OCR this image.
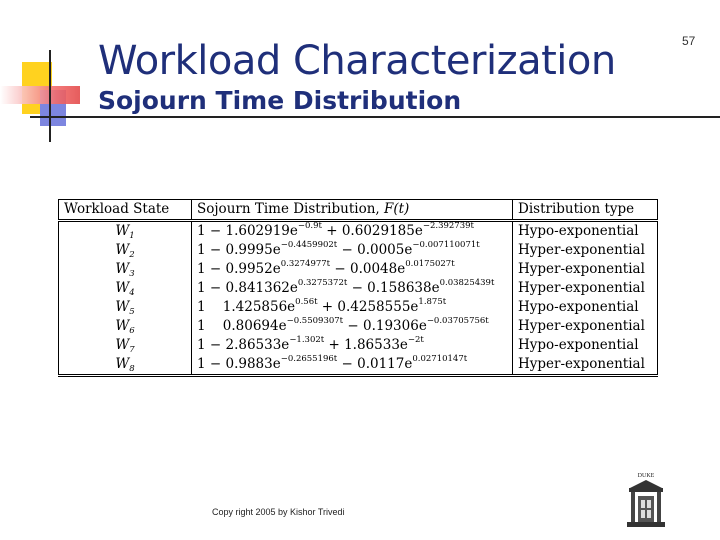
Workload Characterization
Sojourn Time Distribution
57
Workload State	Sojourn Time Distribution, F(t)	Distribution type
$W_1$	$1 - 1.602919e^{-0.9t} + 0.6029185e^{-2.392739t}$	Hypo-exponential
$W_2$	$1 - 0.9995e^{-0.4459902t} - 0.0005e^{-0.007110071t}$	Hyper-exponential
$W_3$	$1 - 0.9952e^{0.3274977t} - 0.0048e^{0.0175027t}$	Hyper-exponential
$W_4$	$1 - 0.841362e^{0.3275372t} - 0.158638e^{0.03825439t}$	Hyper-exponential
$W_5$	1    $1.425856e^{0.56t} + 0.4258555e^{1.875t}$	Hypo-exponential
$W_6$	1    $0.80694e^{-0.5509307t} - 0.19306e^{-0.03705756t}$	Hyper-exponential
$W_7$	$1 - 2.86533e^{-1.302t} + 1.86533e^{-2t}$	Hypo-exponential
$W_8$	$1 - 0.9883e^{-0.2655196t} - 0.0117e^{0.02710147t}$	Hyper-exponential
Copy right 2005 by Kishor Trivedi
DUKE
